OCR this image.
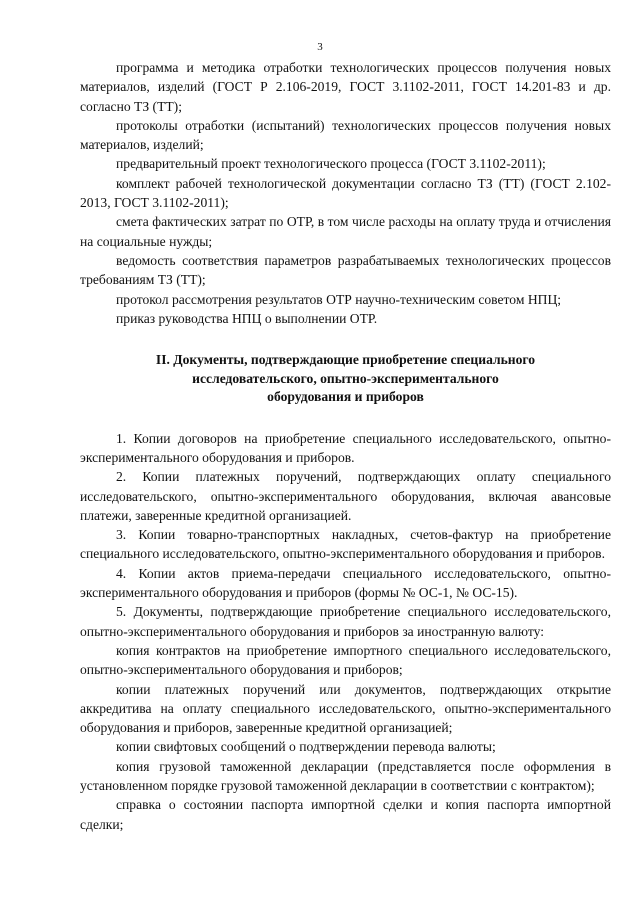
3

программа и методика отработки технологических процессов получения новых материалов, изделий (ГОСТ Р 2.106-2019, ГОСТ 3.1102-2011, ГОСТ 14.201-83 и др. согласно ТЗ (ТТ);

протоколы отработки (испытаний) технологических процессов получения новых материалов, изделий;

предварительный проект технологического процесса (ГОСТ 3.1102-2011);

комплект рабочей технологической документации согласно ТЗ (ТТ) (ГОСТ 2.102-2013, ГОСТ 3.1102-2011);

смета фактических затрат по ОТР, в том числе расходы на оплату труда и отчисления на социальные нужды;

ведомость соответствия параметров разрабатываемых технологических процессов требованиям ТЗ (ТТ);

протокол рассмотрения результатов ОТР научно-техническим советом НПЦ;

приказ руководства НПЦ о выполнении ОТР.

II. Документы, подтверждающие приобретение специального
исследовательского, опытно-экспериментального
оборудования и приборов

1. Копии договоров на приобретение специального исследовательского, опытно-экспериментального оборудования и приборов.

2. Копии платежных поручений, подтверждающих оплату специального исследовательского, опытно-экспериментального оборудования, включая авансовые платежи, заверенные кредитной организацией.

3. Копии товарно-транспортных накладных, счетов-фактур на приобретение специального исследовательского, опытно-экспериментального оборудования и приборов.

4. Копии актов приема-передачи специального исследовательского, опытно-экспериментального оборудования и приборов (формы № ОС-1, № ОС-15).

5. Документы, подтверждающие приобретение специального исследовательского, опытно-экспериментального оборудования и приборов за иностранную валюту:

копия контрактов на приобретение импортного специального исследовательского, опытно-экспериментального оборудования и приборов;

копии платежных поручений или документов, подтверждающих открытие аккредитива на оплату специального исследовательского, опытно-экспериментального оборудования и приборов, заверенные кредитной организацией;

копии свифтовых сообщений о подтверждении перевода валюты;

копия грузовой таможенной декларации (представляется после оформления в установленном порядке грузовой таможенной декларации в соответствии с контрактом);

справка о состоянии паспорта импортной сделки и копия паспорта импортной сделки;
